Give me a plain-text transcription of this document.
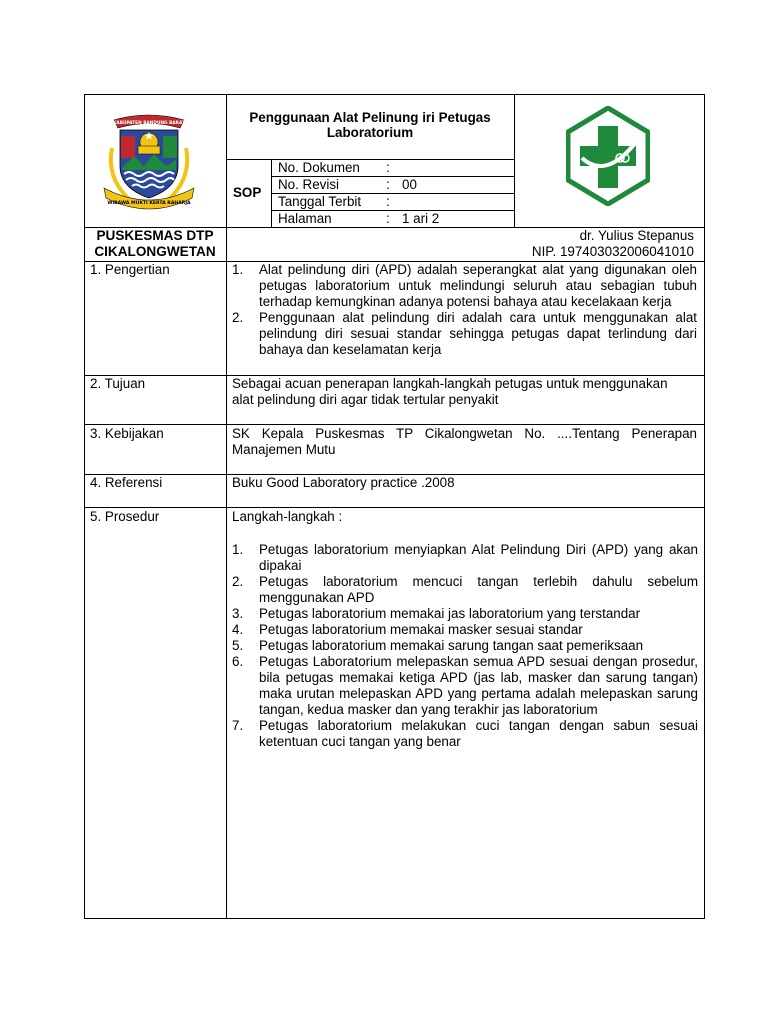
KABUPATEN BANDUNG BARAT
WIBAWA MUKTI KERTA RAHARJA
Penggunaan Alat Pelinung iri Petugas Laboratorium
SOP
No. Dokumen :
No. Revisi	: 00
Tanggal Terbit :
Halaman	: 1 ari 2
PUSKESMAS DTP
CIKALONGWETAN
dr. Yulius Stepanus
NIP. 197403032006041010
1. Pengertian	1. Alat pelindung diri (APD) adalah seperangkat alat yang digunakan oleh petugas laboratorium untuk melindungi seluruh atau sebagian tubuh terhadap kemungkinan adanya potensi bahaya atau kecelakaan kerja
2. Penggunaan alat pelindung diri adalah cara untuk menggunakan alat pelindung diri sesuai standar sehingga petugas dapat terlindung dari bahaya dan keselamatan kerja
2. Tujuan	Sebagai acuan penerapan langkah-langkah petugas untuk menggunakan alat pelindung diri agar tidak tertular penyakit
3. Kebijakan	SK Kepala Puskesmas TP Cikalongwetan No. ....Tentang Penerapan Manajemen Mutu
4. Referensi	Buku Good Laboratory practice .2008
5. Prosedur	Langkah-langkah :
1. Petugas laboratorium menyiapkan Alat Pelindung Diri (APD) yang akan dipakai
2. Petugas laboratorium mencuci tangan terlebih dahulu sebelum menggunakan APD
3. Petugas laboratorium memakai jas laboratorium yang terstandar
4. Petugas laboratorium memakai masker sesuai standar
5. Petugas laboratorium memakai sarung tangan saat pemeriksaan
6. Petugas Laboratorium melepaskan semua APD sesuai dengan prosedur, bila petugas memakai ketiga APD (jas lab, masker dan sarung tangan) maka urutan melepaskan APD yang pertama adalah melepaskan sarung tangan, kedua masker dan yang terakhir jas laboratorium
7. Petugas laboratorium melakukan cuci tangan dengan sabun sesuai ketentuan cuci tangan yang benar
